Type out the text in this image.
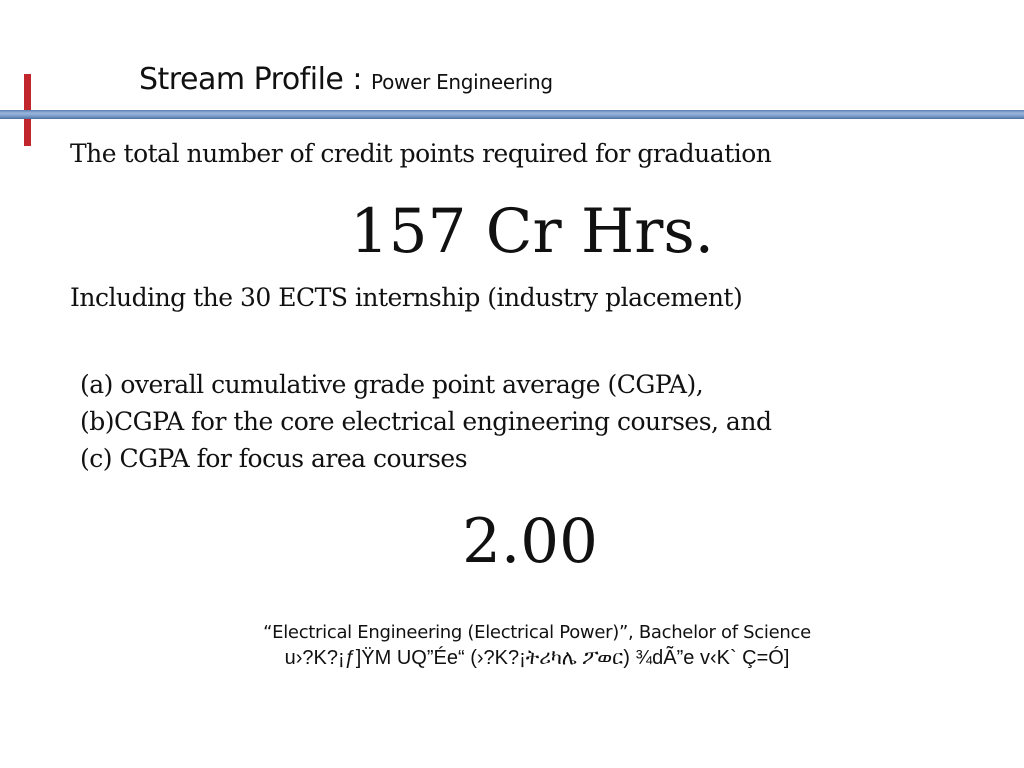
Stream Profile : Power Engineering
The total number of credit points required for graduation
157 Cr Hrs.
Including the 30 ECTS internship (industry placement)
(a) overall cumulative grade point average (CGPA),
(b)CGPA for the core electrical engineering courses, and
(c) CGPA for focus area courses
2.00
“Electrical Engineering (Electrical Power)”, Bachelor of Science
u›?K?¡ƒ]ŸM UQ”Ée“ (›?K?¡ትሪካሌ ፖወር) ¾dÃ”e v‹K` Ç=Ó]
